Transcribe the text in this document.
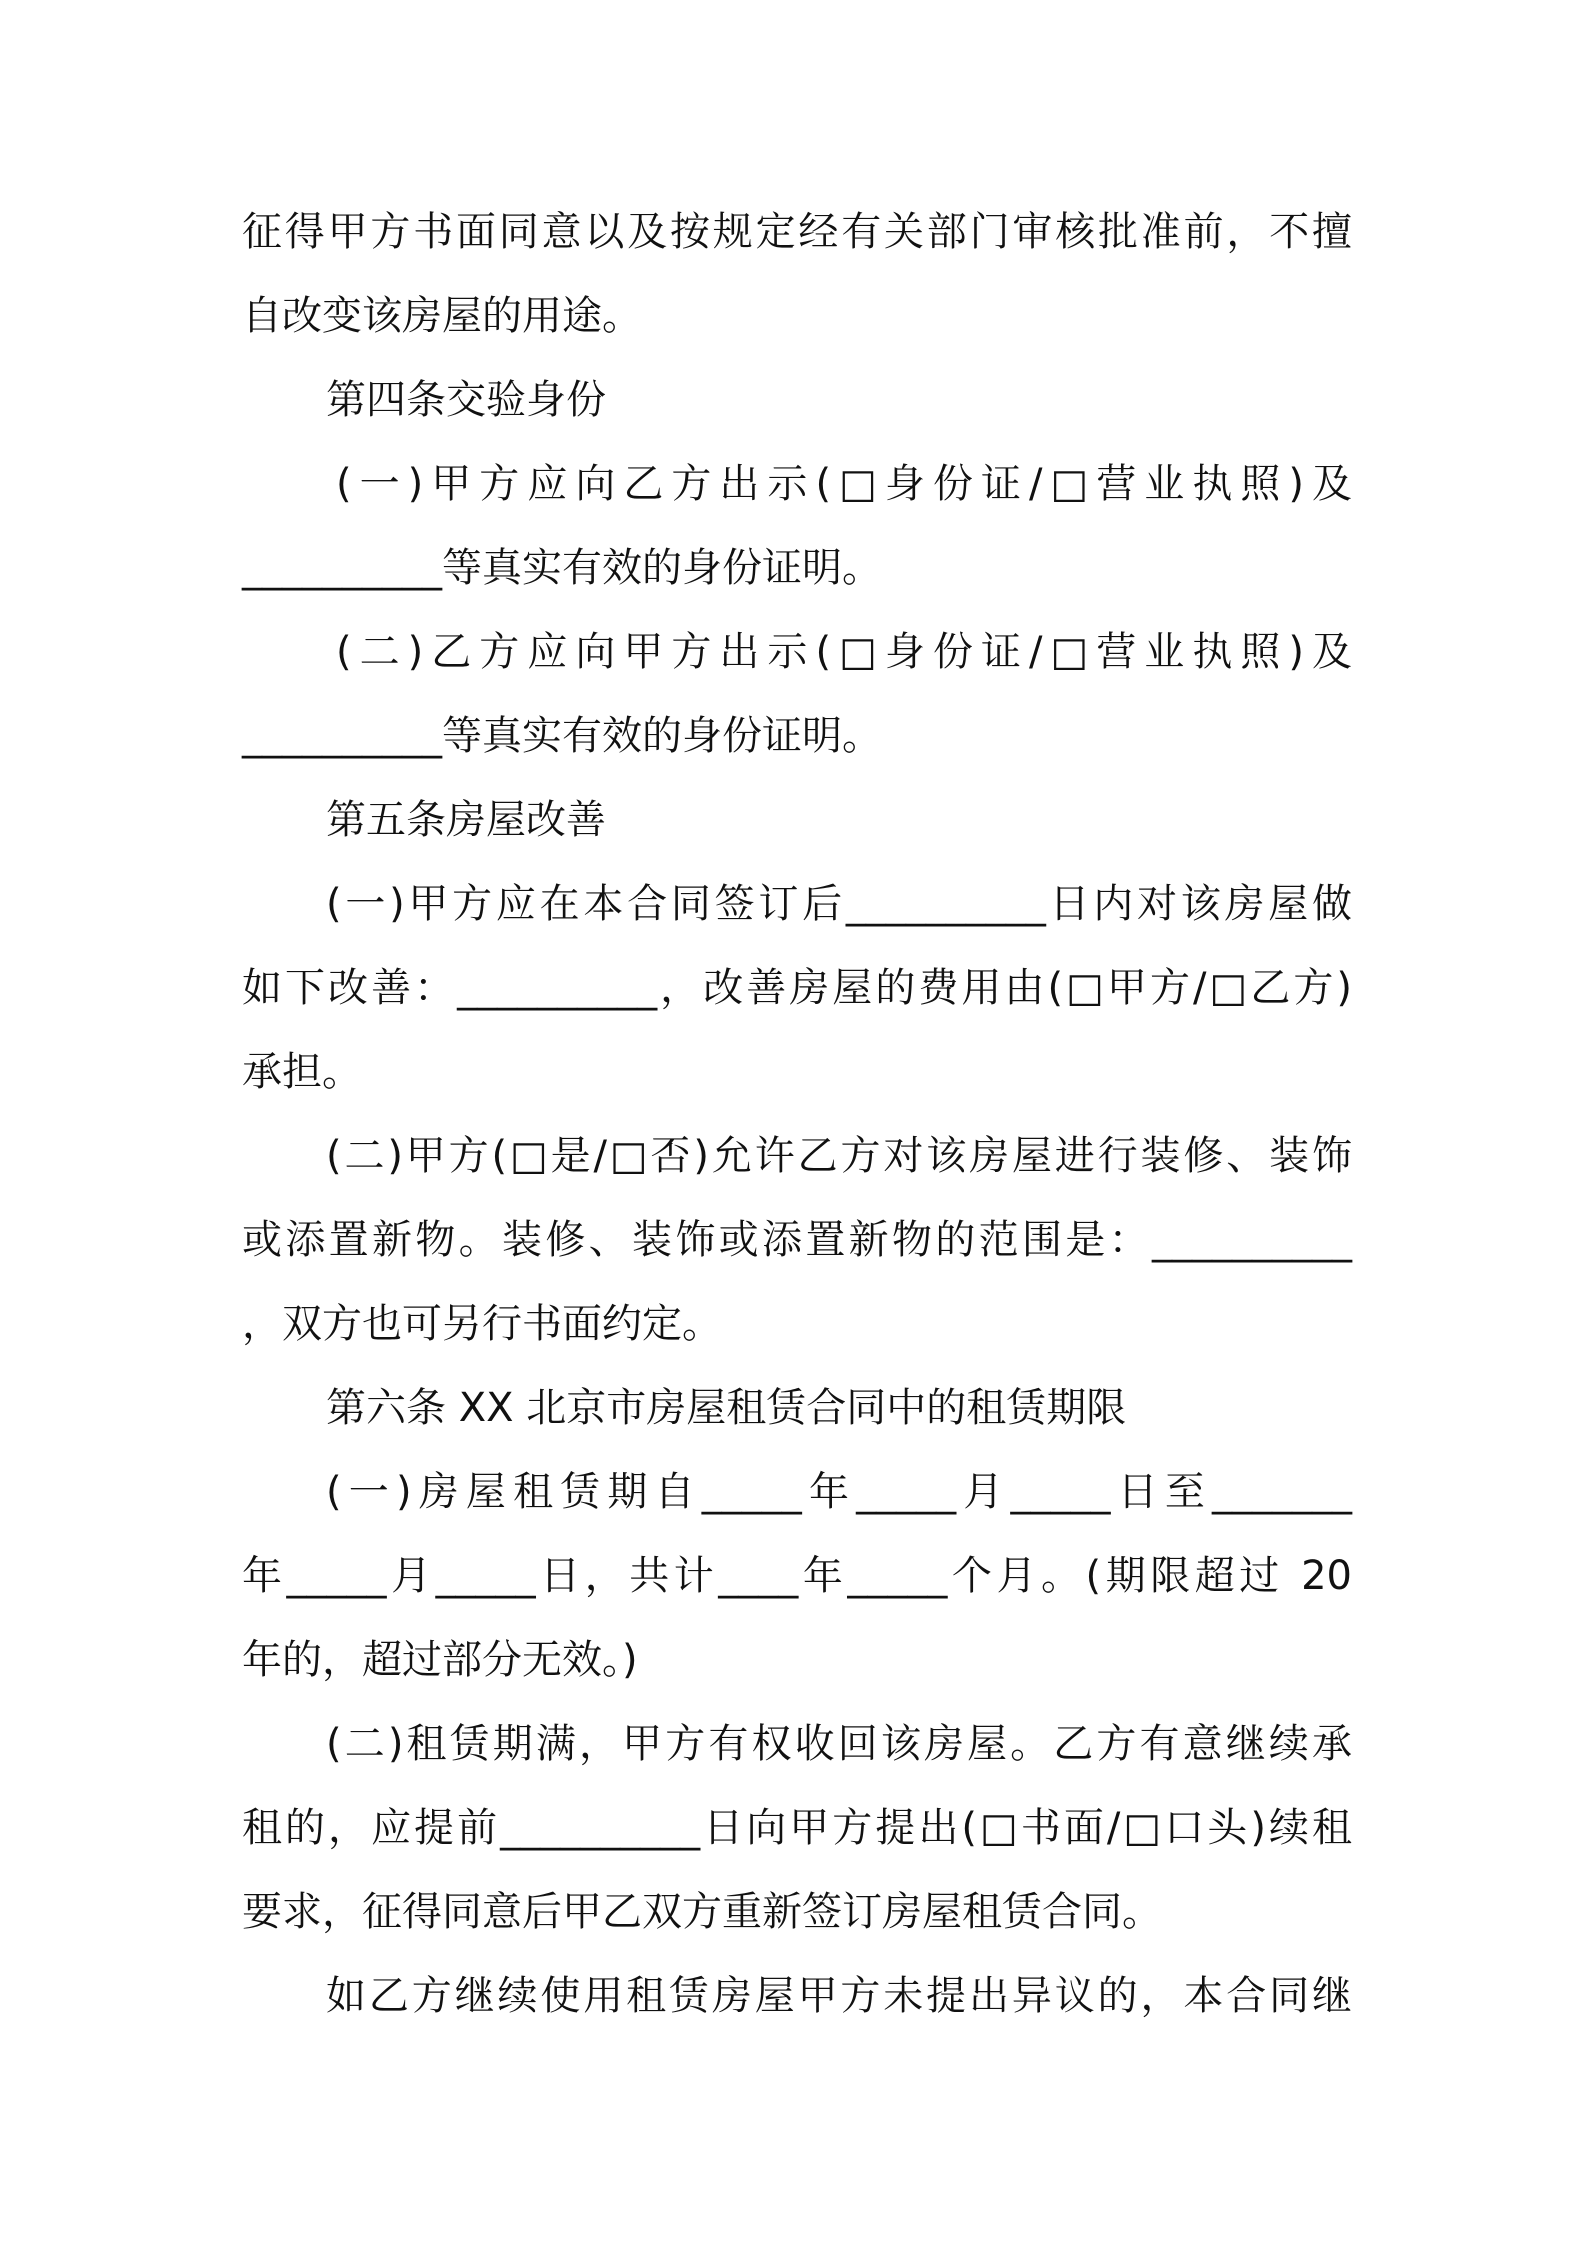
征得甲方书面同意以及按规定经有关部门审核批准前，不擅
自改变该房屋的用途。
第四条交验身份
(一)甲方应向乙方出示(□身份证/□营业执照)及
__________等真实有效的身份证明。
(二)乙方应向甲方出示(□身份证/□营业执照)及
__________等真实有效的身份证明。
第五条房屋改善
(一)甲方应在本合同签订后__________日内对该房屋做
如下改善：__________，改善房屋的费用由(□甲方/□乙方)
承担。
(二)甲方(□是/□否)允许乙方对该房屋进行装修、装饰
或添置新物。装修、装饰或添置新物的范围是：__________
，双方也可另行书面约定。
第六条 XX 北京市房屋租赁合同中的租赁期限
(一)房屋租赁期自_____年_____月_____日至_______
年_____月_____日，共计____年_____个月。(期限超过 20
年的，超过部分无效。)
(二)租赁期满，甲方有权收回该房屋。乙方有意继续承
租的，应提前__________日向甲方提出(□书面/□口头)续租
要求，征得同意后甲乙双方重新签订房屋租赁合同。
如乙方继续使用租赁房屋甲方未提出异议的，本合同继
